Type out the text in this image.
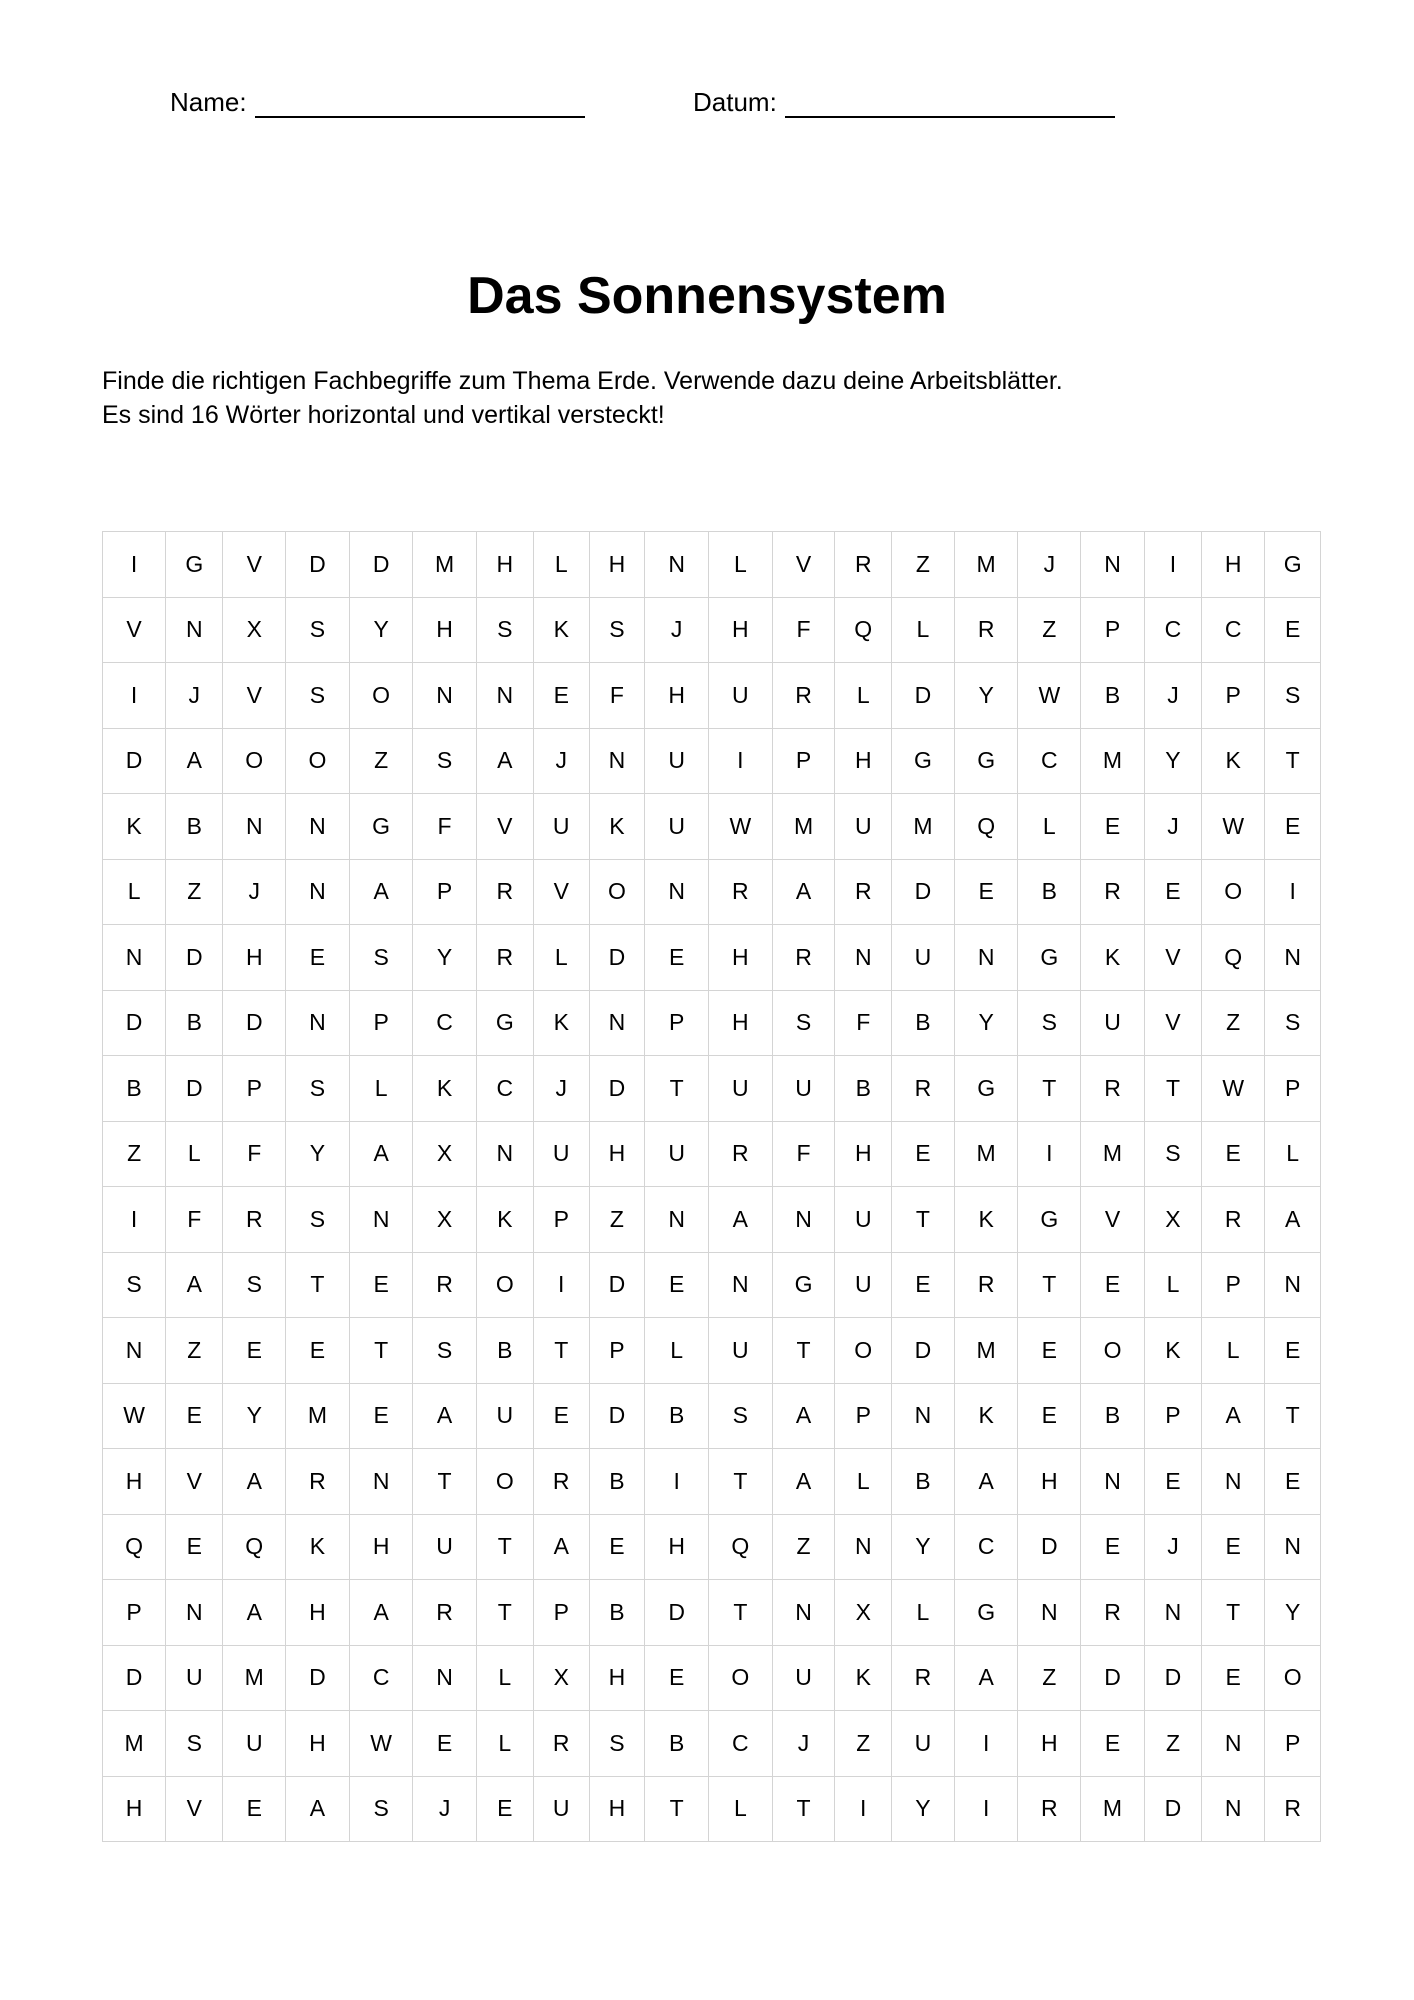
Name:	Datum:
Das Sonnensystem

Finde die richtigen Fachbegriffe zum Thema Erde. Verwende dazu deine Arbeitsblätter.

Es sind 16 Wörter horizontal und vertikal versteckt!

I	G	V	D	D	M	H	L	H	N	L	V	R	Z	M	J	N	I	H	G
V	N	X	S	Y	H	S	K	S	J	H	F	Q	L	R	Z	P	C	C	E
I	J	V	S	O	N	N	E	F	H	U	R	L	D	Y	W	B	J	P	S
D	A	O	O	Z	S	A	J	N	U	I	P	H	G	G	C	M	Y	K	T
K	B	N	N	G	F	V	U	K	U	W	M	U	M	Q	L	E	J	W	E
L	Z	J	N	A	P	R	V	O	N	R	A	R	D	E	B	R	E	O	I
N	D	H	E	S	Y	R	L	D	E	H	R	N	U	N	G	K	V	Q	N
D	B	D	N	P	C	G	K	N	P	H	S	F	B	Y	S	U	V	Z	S
B	D	P	S	L	K	C	J	D	T	U	U	B	R	G	T	R	T	W	P
Z	L	F	Y	A	X	N	U	H	U	R	F	H	E	M	I	M	S	E	L
I	F	R	S	N	X	K	P	Z	N	A	N	U	T	K	G	V	X	R	A
S	A	S	T	E	R	O	I	D	E	N	G	U	E	R	T	E	L	P	N
N	Z	E	E	T	S	B	T	P	L	U	T	O	D	M	E	O	K	L	E
W	E	Y	M	E	A	U	E	D	B	S	A	P	N	K	E	B	P	A	T
H	V	A	R	N	T	O	R	B	I	T	A	L	B	A	H	N	E	N	E
Q	E	Q	K	H	U	T	A	E	H	Q	Z	N	Y	C	D	E	J	E	N
P	N	A	H	A	R	T	P	B	D	T	N	X	L	G	N	R	N	T	Y
D	U	M	D	C	N	L	X	H	E	O	U	K	R	A	Z	D	D	E	O
M	S	U	H	W	E	L	R	S	B	C	J	Z	U	I	H	E	Z	N	P
H	V	E	A	S	J	E	U	H	T	L	T	I	Y	I	R	M	D	N	R
